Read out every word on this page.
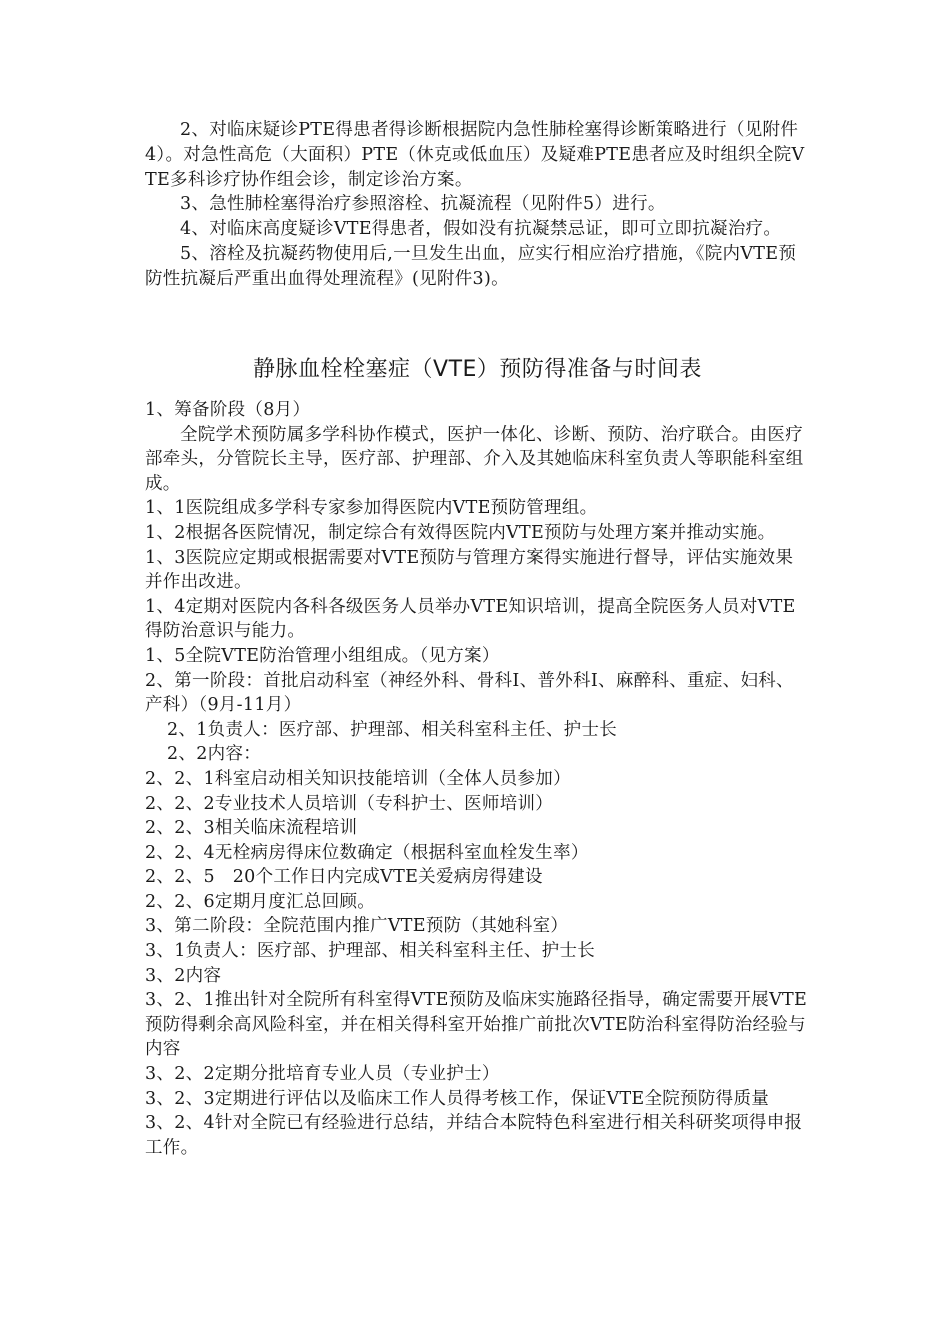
2、对临床疑诊PTE得患者得诊断根据院内急性肺栓塞得诊断策略进行（见附件4）。对急性高危（大面积）PTE（休克或低血压）及疑难PTE患者应及时组织全院VTE多科诊疗协作组会诊，制定诊治方案。

3、急性肺栓塞得治疗参照溶栓、抗凝流程（见附件5）进行。

4、对临床高度疑诊VTE得患者，假如没有抗凝禁忌证，即可立即抗凝治疗。

5、溶栓及抗凝药物使用后,一旦发生出血，应实行相应治疗措施，《院内VTE预防性抗凝后严重出血得处理流程》(见附件3)。

静脉血栓栓塞症（VTE）预防得准备与时间表

1、筹备阶段（8月）

全院学术预防属多学科协作模式，医护一体化、诊断、预防、治疗联合。由医疗部牵头，分管院长主导，医疗部、护理部、介入及其她临床科室负责人等职能科室组成。

1、1医院组成多学科专家参加得医院内VTE预防管理组。

1、2根据各医院情况，制定综合有效得医院内VTE预防与处理方案并推动实施。

1、3医院应定期或根据需要对VTE预防与管理方案得实施进行督导，评估实施效果并作出改进。

1、4定期对医院内各科各级医务人员举办VTE知识培训，提高全院医务人员对VTE得防治意识与能力。

1、5全院VTE防治管理小组组成。（见方案）

2、第一阶段：首批启动科室（神经外科、骨科Ⅰ、普外科Ⅰ、麻醉科、重症、妇科、产科）（9月-11月）

2、1负责人：医疗部、护理部、相关科室科主任、护士长

2、2内容：

2、2、1科室启动相关知识技能培训（全体人员参加）

2、2、2专业技术人员培训（专科护士、医师培训）

2、2、3相关临床流程培训

2、2、4无栓病房得床位数确定（根据科室血栓发生率）

2、2、5　20个工作日内完成VTE关爱病房得建设

2、2、6定期月度汇总回顾。

3、第二阶段：全院范围内推广VTE预防（其她科室）

3、1负责人：医疗部、护理部、相关科室科主任、护士长

3、2内容

3、2、1推出针对全院所有科室得VTE预防及临床实施路径指导，确定需要开展VTE预防得剩余高风险科室，并在相关得科室开始推广前批次VTE防治科室得防治经验与内容

3、2、2定期分批培育专业人员（专业护士）

3、2、3定期进行评估以及临床工作人员得考核工作，保证VTE全院预防得质量

3、2、4针对全院已有经验进行总结，并结合本院特色科室进行相关科研奖项得申报工作。
